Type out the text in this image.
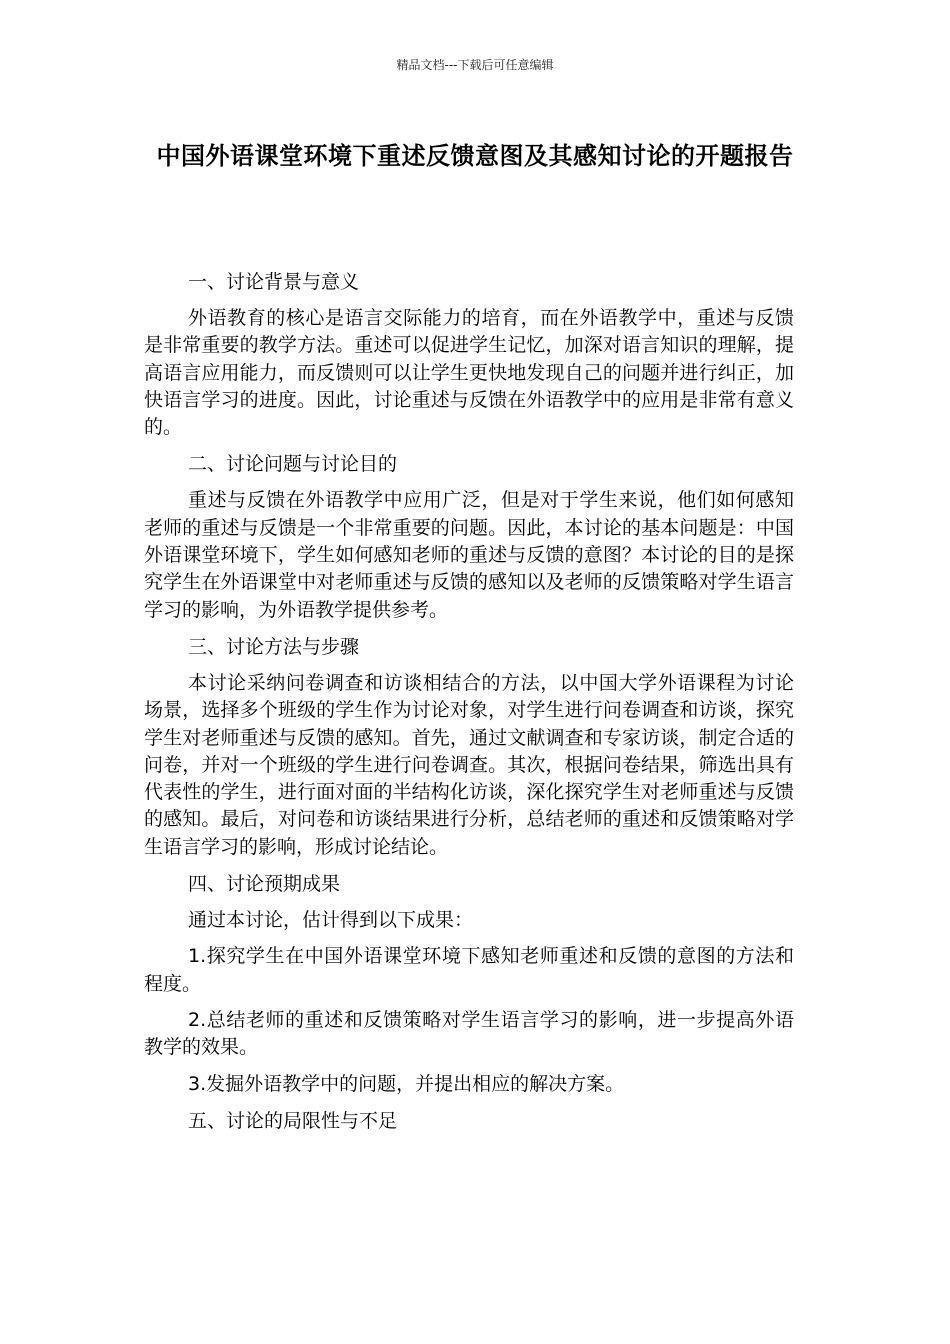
精品文档---下载后可任意编辑
中国外语课堂环境下重述反馈意图及其感知讨论的开题报告
一、讨论背景与意义
外语教育的核心是语言交际能力的培育，而在外语教学中，重述与反馈是非常重要的教学方法。重述可以促进学生记忆，加深对语言知识的理解，提高语言应用能力，而反馈则可以让学生更快地发现自己的问题并进行纠正，加快语言学习的进度。因此，讨论重述与反馈在外语教学中的应用是非常有意义的。
二、讨论问题与讨论目的
重述与反馈在外语教学中应用广泛，但是对于学生来说，他们如何感知老师的重述与反馈是一个非常重要的问题。因此，本讨论的基本问题是：中国外语课堂环境下，学生如何感知老师的重述与反馈的意图？本讨论的目的是探究学生在外语课堂中对老师重述与反馈的感知以及老师的反馈策略对学生语言学习的影响，为外语教学提供参考。
三、讨论方法与步骤
本讨论采纳问卷调查和访谈相结合的方法，以中国大学外语课程为讨论场景，选择多个班级的学生作为讨论对象，对学生进行问卷调查和访谈，探究学生对老师重述与反馈的感知。首先，通过文献调查和专家访谈，制定合适的问卷，并对一个班级的学生进行问卷调查。其次，根据问卷结果，筛选出具有代表性的学生，进行面对面的半结构化访谈，深化探究学生对老师重述与反馈的感知。最后，对问卷和访谈结果进行分析，总结老师的重述和反馈策略对学生语言学习的影响，形成讨论结论。
四、讨论预期成果
通过本讨论，估计得到以下成果：
1.探究学生在中国外语课堂环境下感知老师重述和反馈的意图的方法和程度。
2.总结老师的重述和反馈策略对学生语言学习的影响，进一步提高外语教学的效果。
3.发掘外语教学中的问题，并提出相应的解决方案。
五、讨论的局限性与不足
